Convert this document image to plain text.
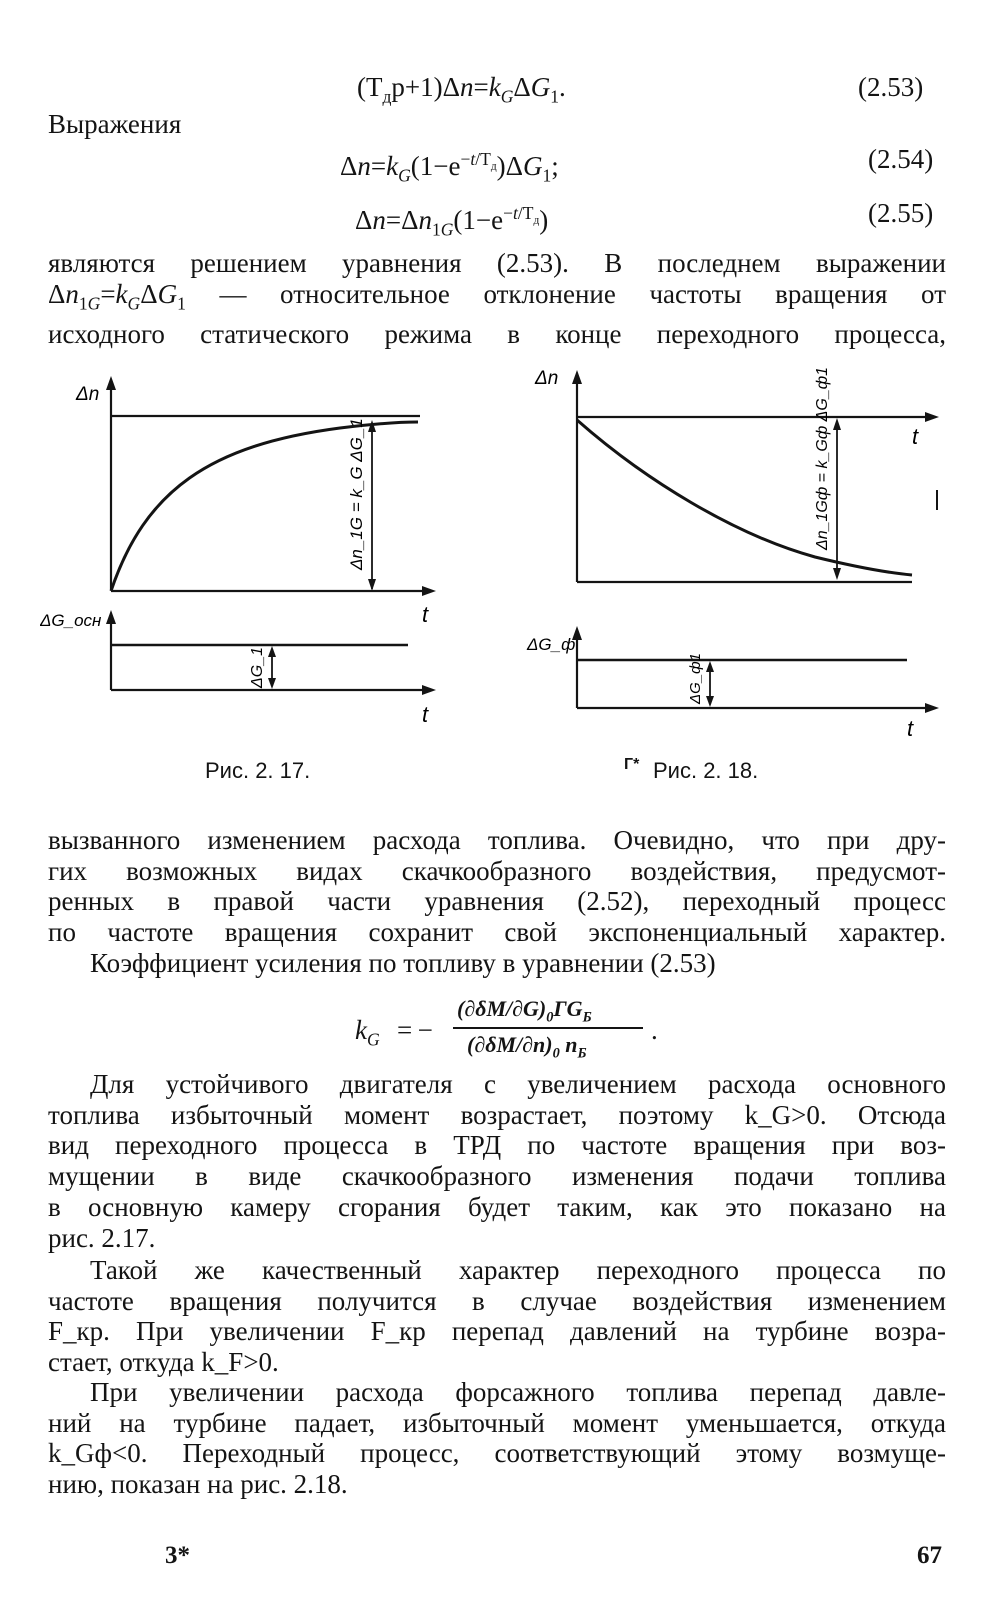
$(T_дp+1)\Delta n=k_G\Delta G_1$.	(2.53)
Выражения
$\Delta n=k_G(1-e^{-t/T_д})\Delta G_1$;	(2.54)
$\Delta n=\Delta n_{1G}(1-e^{-t/T_д})$	(2.55)
являются решением уравнения (2.53). В последнем выражении
$\Delta n_{1G}=k_G\Delta G_1$ — относительное отклонение частоты вращения от
исходного статического режима в конце переходного процесса,
Δn
ΔG_осн	t
t
Δn_1G = k_G ΔG_1
ΔG_1
Рис. 2. 17.
Δn
ΔG_ф
t
t
Δn_1Gф = k_Gф ΔG_ф1
ΔG_ф1
Г* Рис. 2. 18.
вызванного изменением расхода топлива. Очевидно, что при дру-
гих возможных видах скачкообразного воздействия, предусмот-
ренных в правой части уравнения (2.52), переходный процесс
по частоте вращения сохранит свой экспоненциальный характер.
Коэффициент усиления по топливу в уравнении (2.53)
$k_G$ = −
$(\partial\delta M/\partial G)_0ГG_Б$
$(\partial\delta M/\partial n)_0$ $n_Б$
.
Для устойчивого двигателя с увеличением расхода основного
топлива избыточный момент возрастает, поэтому k_G>0. Отсюда
вид переходного процесса в ТРД по частоте вращения при воз-
мущении в виде скачкообразного изменения подачи топлива
в основную камеру сгорания будет таким, как это показано на
рис. 2.17.
Такой же качественный характер переходного процесса по
частоте вращения получится в случае воздействия изменением
F_кр. При увеличении F_кр перепад давлений на турбине возра-
стает, откуда k_F>0.
При увеличении расхода форсажного топлива перепад давле-
ний на турбине падает, избыточный момент уменьшается, откуда
k_Gф<0. Переходный процесс, соответствующий этому возмуще-
нию, показан на рис. 2.18.
3*	67
